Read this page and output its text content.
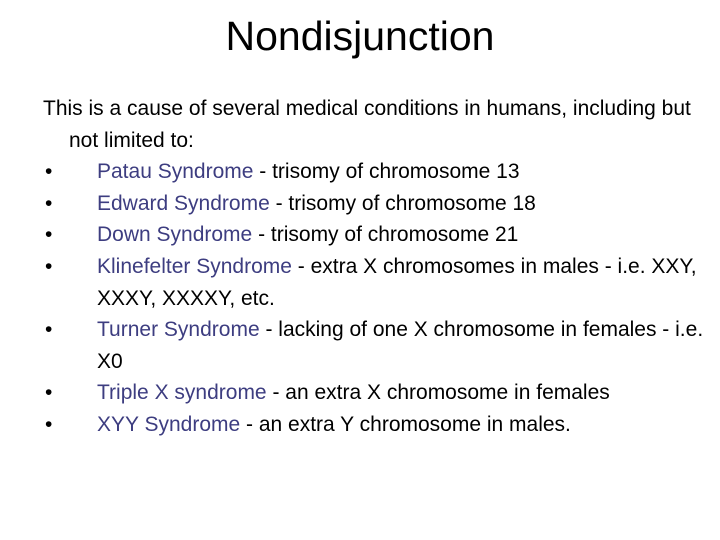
Nondisjunction

This is a cause of several medical conditions in humans, including but not limited to:

• Patau Syndrome - trisomy of chromosome 13
• Edward Syndrome - trisomy of chromosome 18
• Down Syndrome - trisomy of chromosome 21
• Klinefelter Syndrome - extra X chromosomes in males - i.e. XXY, XXXY, XXXXY, etc.
• Turner Syndrome - lacking of one X chromosome in females - i.e. X0
• Triple X syndrome - an extra X chromosome in females
• XYY Syndrome - an extra Y chromosome in males.
